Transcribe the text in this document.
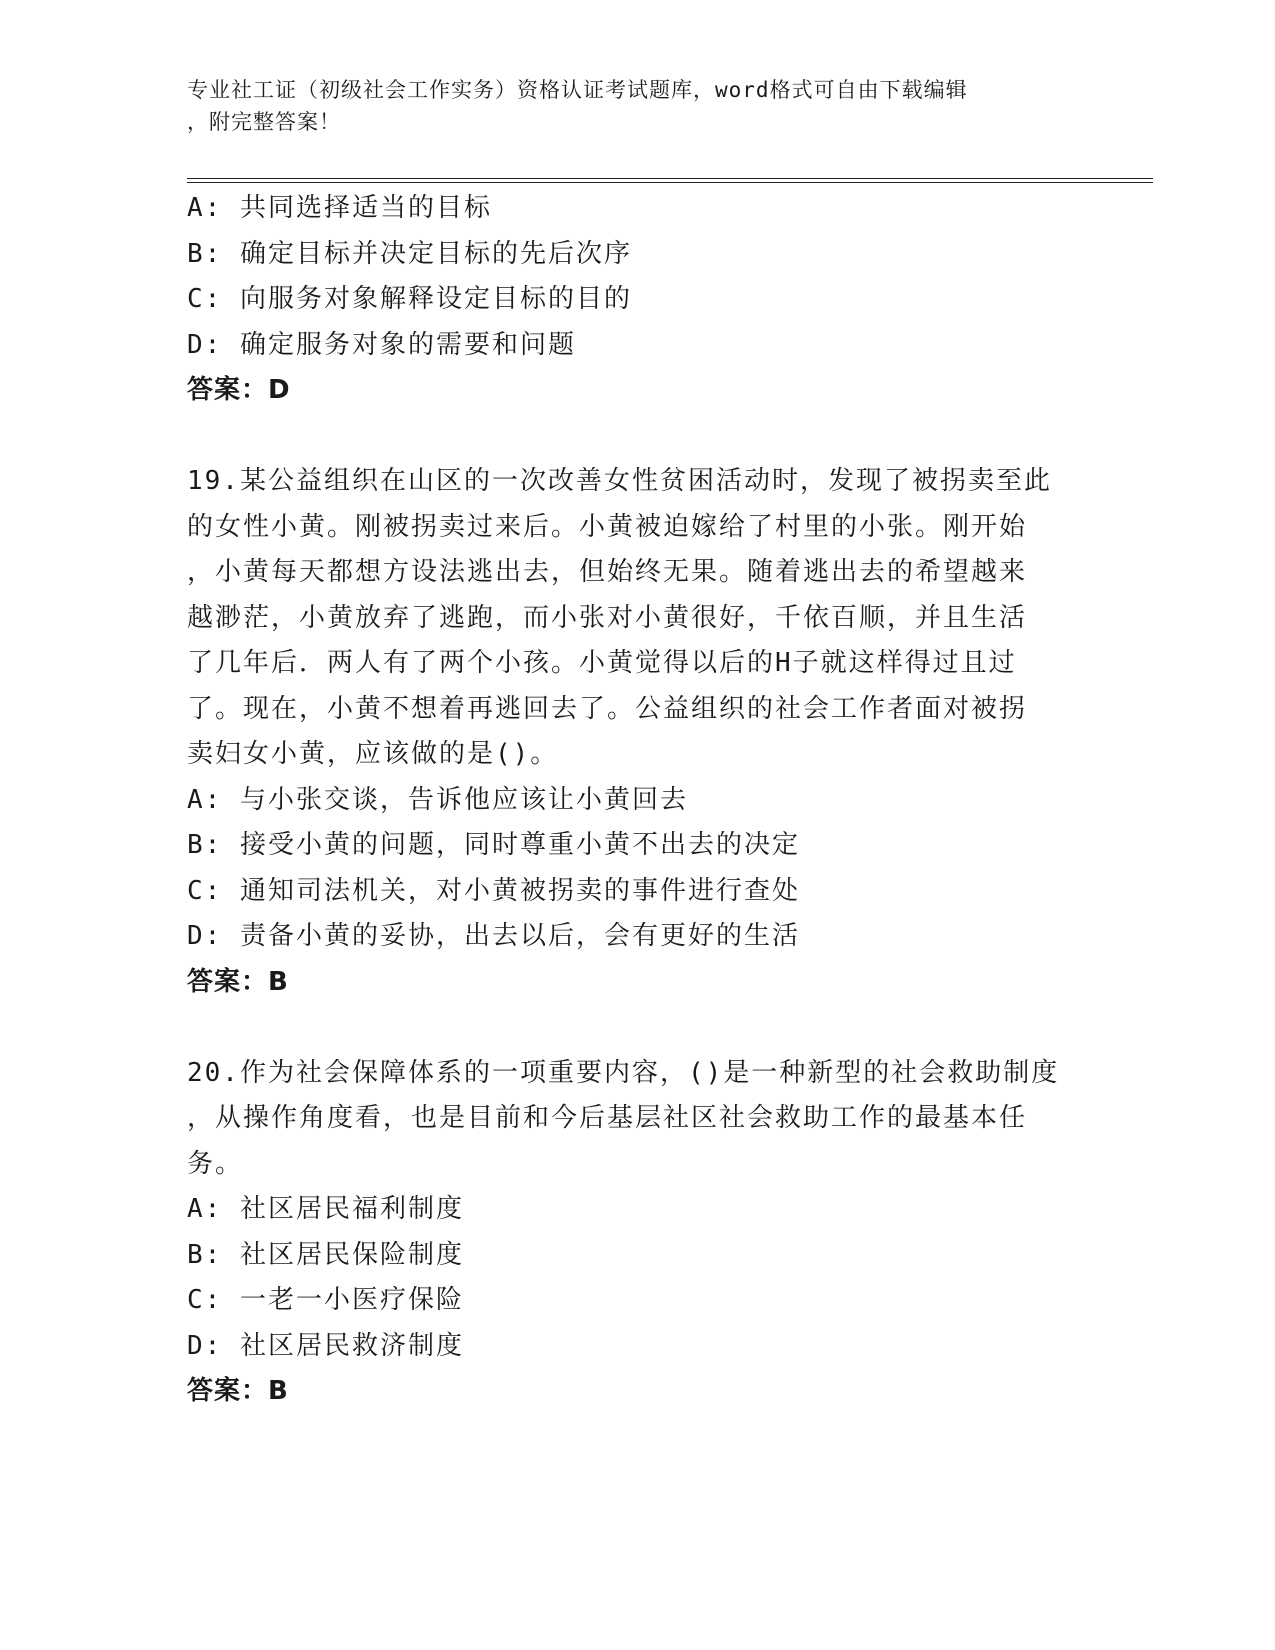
专业社工证（初级社会工作实务）资格认证考试题库，word格式可自由下载编辑
，附完整答案！
A: 共同选择适当的目标
B: 确定目标并决定目标的先后次序
C: 向服务对象解释设定目标的目的
D: 确定服务对象的需要和问题
答案：D
19.某公益组织在山区的一次改善女性贫困活动时，发现了被拐卖至此
的女性小黄。刚被拐卖过来后。小黄被迫嫁给了村里的小张。刚开始
，小黄每天都想方设法逃出去，但始终无果。随着逃出去的希望越来
越渺茫，小黄放弃了逃跑，而小张对小黄很好，千依百顺，并且生活
了几年后．两人有了两个小孩。小黄觉得以后的H子就这样得过且过
了。现在，小黄不想着再逃回去了。公益组织的社会工作者面对被拐
卖妇女小黄，应该做的是()。
A: 与小张交谈，告诉他应该让小黄回去
B: 接受小黄的问题，同时尊重小黄不出去的决定
C: 通知司法机关，对小黄被拐卖的事件进行查处
D: 责备小黄的妥协，出去以后，会有更好的生活
答案：B
20.作为社会保障体系的一项重要内容，()是一种新型的社会救助制度
，从操作角度看，也是目前和今后基层社区社会救助工作的最基本任
务。
A: 社区居民福利制度
B: 社区居民保险制度
C: 一老一小医疗保险
D: 社区居民救济制度
答案：B
